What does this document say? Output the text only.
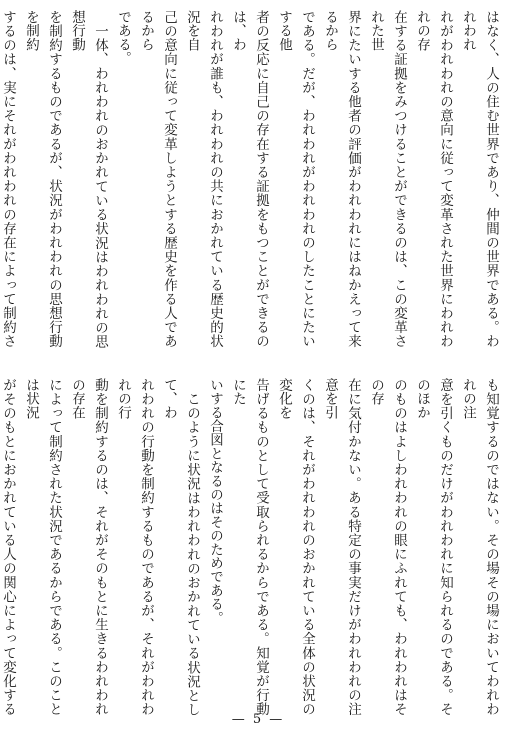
はなく、人の住む世界であり、仲間の世界である。われわれ
れがわれわれの意向に従って変革された世界にわれわれの存
在する証拠をみつけることができるのは、この変革された世
界にたいする他者の評価がわれわれにはねかえって来るから
である。だが、われわれがわれわれのしたことにたいする他
者の反応に自己の存在する証拠をもつことができるのは、わ
れわれが誰も、われわれの共におかれている歴史的状況を自
己の意向に従って変革しようとする歴史を作る人であるから
である。

一体、われわれのおかれている状況はわれわれの思想行動
を制約するものであるが、状況がわれわれの思想行動を制約
するのは、実にそれがわれわれの存在によって制約さ

も知覚するのではない。その場その場においてわれわれの注
意を引くものだけがわれわれに知られるのである。そのほか
のものはよしわれわれの眼にふれても、われわれはその存
在に気付かない。ある特定の事実だけがわれわれの注意を引
くのは、それがわれわれのおかれている全体の状況の変化を
告げるものとして受取られるからである。知覚が行動にた
いする合図となるのはそのためである。

このように状況はわれわれのおかれている状況として、わ
れわれの行動を制約するものであるが、それがわれわれの行
動を制約するのは、それがそのもとに生きるわれわれの存在
によって制約された状況であるからである。このことは状況
がそのもとにおかれている人の関心によって変化する

— 5 —
